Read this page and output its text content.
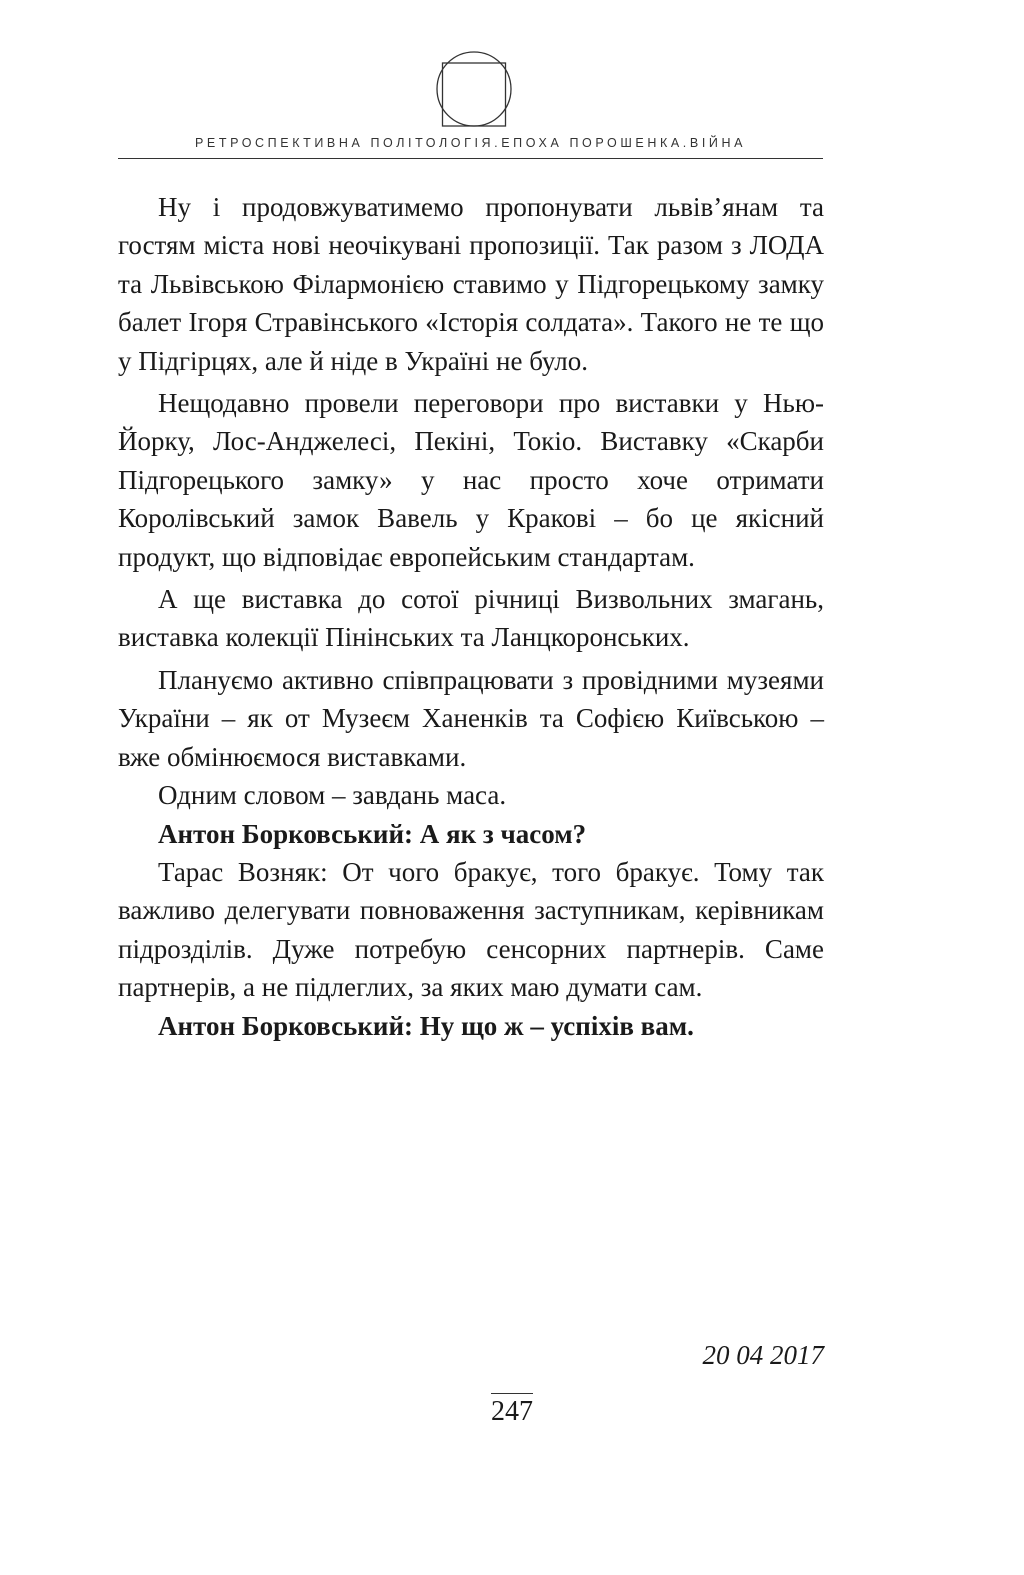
РЕТРОСПЕКТИВНА ПОЛІТОЛОГІЯ.ЕПОХА ПОРОШЕНКА.ВІЙНА

Ну і продовжуватимемо пропонувати львів’янам та гостям міста нові неочікувані пропозиції. Так разом з ЛОДА та Львівською Філармонією ставимо у Підгорецькому замку балет Ігоря Стравінського «Історія солдата». Такого не те що у Підгірцях, але й ніде в Україні не було.

Нещодавно провели переговори про виставки у Нью-Йорку, Лос-Анджелесі, Пекіні, Токіо. Виставку «Скарби Підгорецького замку» у нас просто хоче отримати Королівський замок Вавель у Кракові – бо це якісний продукт, що відповідає европейським стандартам.

А ще виставка до сотої річниці Визвольних змагань, виставка колекції Пінінських та Ланцкоронських.

Плануємо активно співпрацювати з провідними музеями України – як от Музеєм Ханенків та Софією Київською – вже обмінюємося виставками.

Одним словом – завдань маса.

Антон Борковський: А як з часом?

Тарас Возняк: От чого бракує, того бракує. Тому так важливо делегувати повноваження заступникам, керівникам підрозділів. Дуже потребую сенсорних партнерів. Саме партнерів, а не підлеглих, за яких маю думати сам.

Антон Борковський: Ну що ж – успіхів вам.

20 04 2017
247
